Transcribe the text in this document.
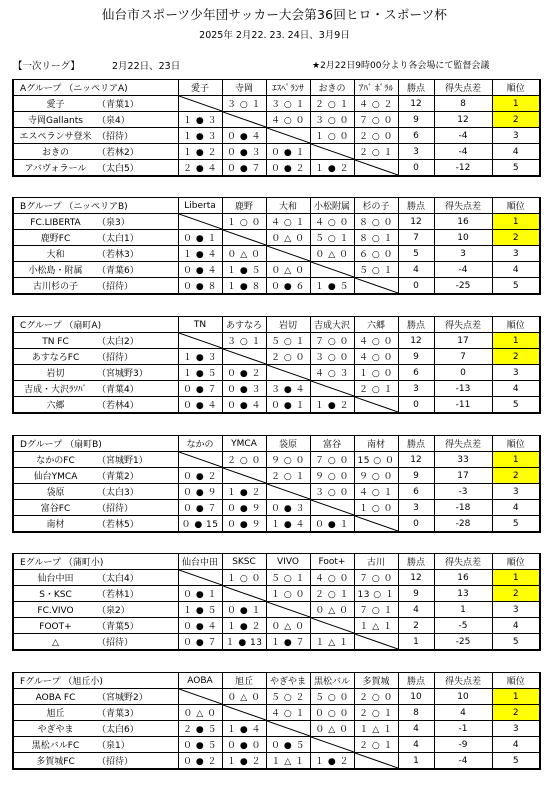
仙台市スポーツ少年団サッカー大会第36回ヒロ・スポーツ杯
2025年 2月22. 23. 24日、3月9日
【一次リーグ】	2月22日、23日	★2月22日9時00分より各会場にて監督会議
Aグループ （ニッペリアA)	愛子	寺岡	ｴｽﾍﾟﾗﾝｻ	おきの	ｱﾊﾞ ﾎﾞﾗﾙ	勝点	得失点差	順位
愛子 （青葉1）		３ ○ １	３ ○ １	２ ○ １	４ ○ ２	12	8	1
寺岡Gallants （泉4）	１ ● ３		４ ○ ０	３ ○ ０	７ ○ ０	9	12	2
エスペランサ登米 （招待）	１ ● ３	０ ● ４		１ ○ ０	２ ○ ０	6	-4	3
おきの （若林2）	１ ● ２	０ ● ３	０ ● １		２ ○ １	3	-4	4
アバヴォラール （太白5）	２ ● ４	０ ● ７	０ ● ２	１ ● ２		0	-12	5
Bグループ （ニッペリアB)	Liberta	鹿野	大和	小松附属	杉の子	勝点	得失点差	順位
FC.LIBERTA （泉3）		１ ○ ０	４ ○ １	４ ○ ０	８ ○ ０	12	16	1
鹿野FC （太白1）	０ ● １		０ △ ０	５ ○ １	８ ○ １	7	10	2
大和 （若林3）	１ ● ４	０ △ ０		０ △ ０	６ ○ ０	5	3	3
小松島・附属 （青葉6）	０ ● ４	１ ● ５	０ △ ０		５ ○ １	4	-4	4
古川杉の子 （招待）	０ ● ８	１ ● ８	０ ● ６	１ ● ５		0	-25	5
Cグループ （扇町A)	TN	あすなろ	岩切	吉成大沢	六郷	勝点	得失点差	順位
TN FC （太白2）		３ ○ １	５ ○ １	７ ○ ０	４ ○ ０	12	17	1
あすなろFC （招待）	１ ● ３		２ ○ ０	３ ○ ０	４ ○ ０	9	7	2
岩切 （宮城野3）	１ ● ５	０ ● ２		４ ○ ３	１ ○ ０	6	0	3
吉成・大沢ﾗｿﾊﾞ （青葉4）	０ ● ７	０ ● ３	３ ● ４		２ ○ １	3	-13	4
六郷 （若林4）	０ ● ４	０ ● ４	０ ● １	１ ● ２		0	-11	5
Dグループ （扇町B)	なかの	YMCA	袋原	富谷	南材	勝点	得失点差	順位
なかのFC （宮城野1）		２ ○ ０	９ ○ ０	７ ○ ０	15 ○ ０	12	33	1
仙台YMCA （青葉2）	０ ● ２		２ ○ １	９ ○ ０	９ ○ ０	9	17	2
袋原 （太白3）	０ ● ９	１ ● ２		３ ○ ０	４ ○ １	6	-3	3
富谷FC （招待）	０ ● ７	０ ● ９	０ ● ３		１ ○ ０	3	-18	4
南材 （若林5）	０ ● 15	０ ● ９	１ ● ４	０ ● １		0	-28	5
Eグループ （蒲町小)	仙台中田	SKSC	VIVO	Foot+	古川	勝点	得失点差	順位
仙台中田 （太白4）		１ ○ ０	５ ○ １	４ ○ ０	７ ○ ０	12	16	1
S・KSC （若林1）	０ ● １		１ ○ ０	２ ○ １	13 ○ １	9	13	2
FC.VIVO （泉2）	１ ● ５	０ ● １		０ △ ０	７ ○ １	4	1	3
FOOT+ （青葉5）	０ ● ４	１ ● ２	０ △ ０		１ △ １	2	-5	4
△ （招待）	０ ● ７	１ ● 13	１ ● ７	１ △ １		1	-25	5
Fグループ （旭丘小)	AOBA	旭丘	やぎやま	黒松バル	多賀城	勝点	得失点差	順位
AOBA FC （宮城野2）		０ △ ０	５ ○ ２	５ ○ ０	２ ○ ０	10	10	1
旭丘 （青葉3）	０ △ ０		４ ○ １	０ ○ ０	２ ○ １	8	4	2
やぎやま （太白6）	２ ● ５	１ ● ４		０ △ ０	１ △ １	4	-1	3
黒松バルFC （泉1）	０ ● ５	０ ● ０	０ ● ５		２ ○ １	4	-9	4
多賀城FC （招待）	０ ● ２	１ ● ２	１ △ １	１ ● ２		1	-4	5
